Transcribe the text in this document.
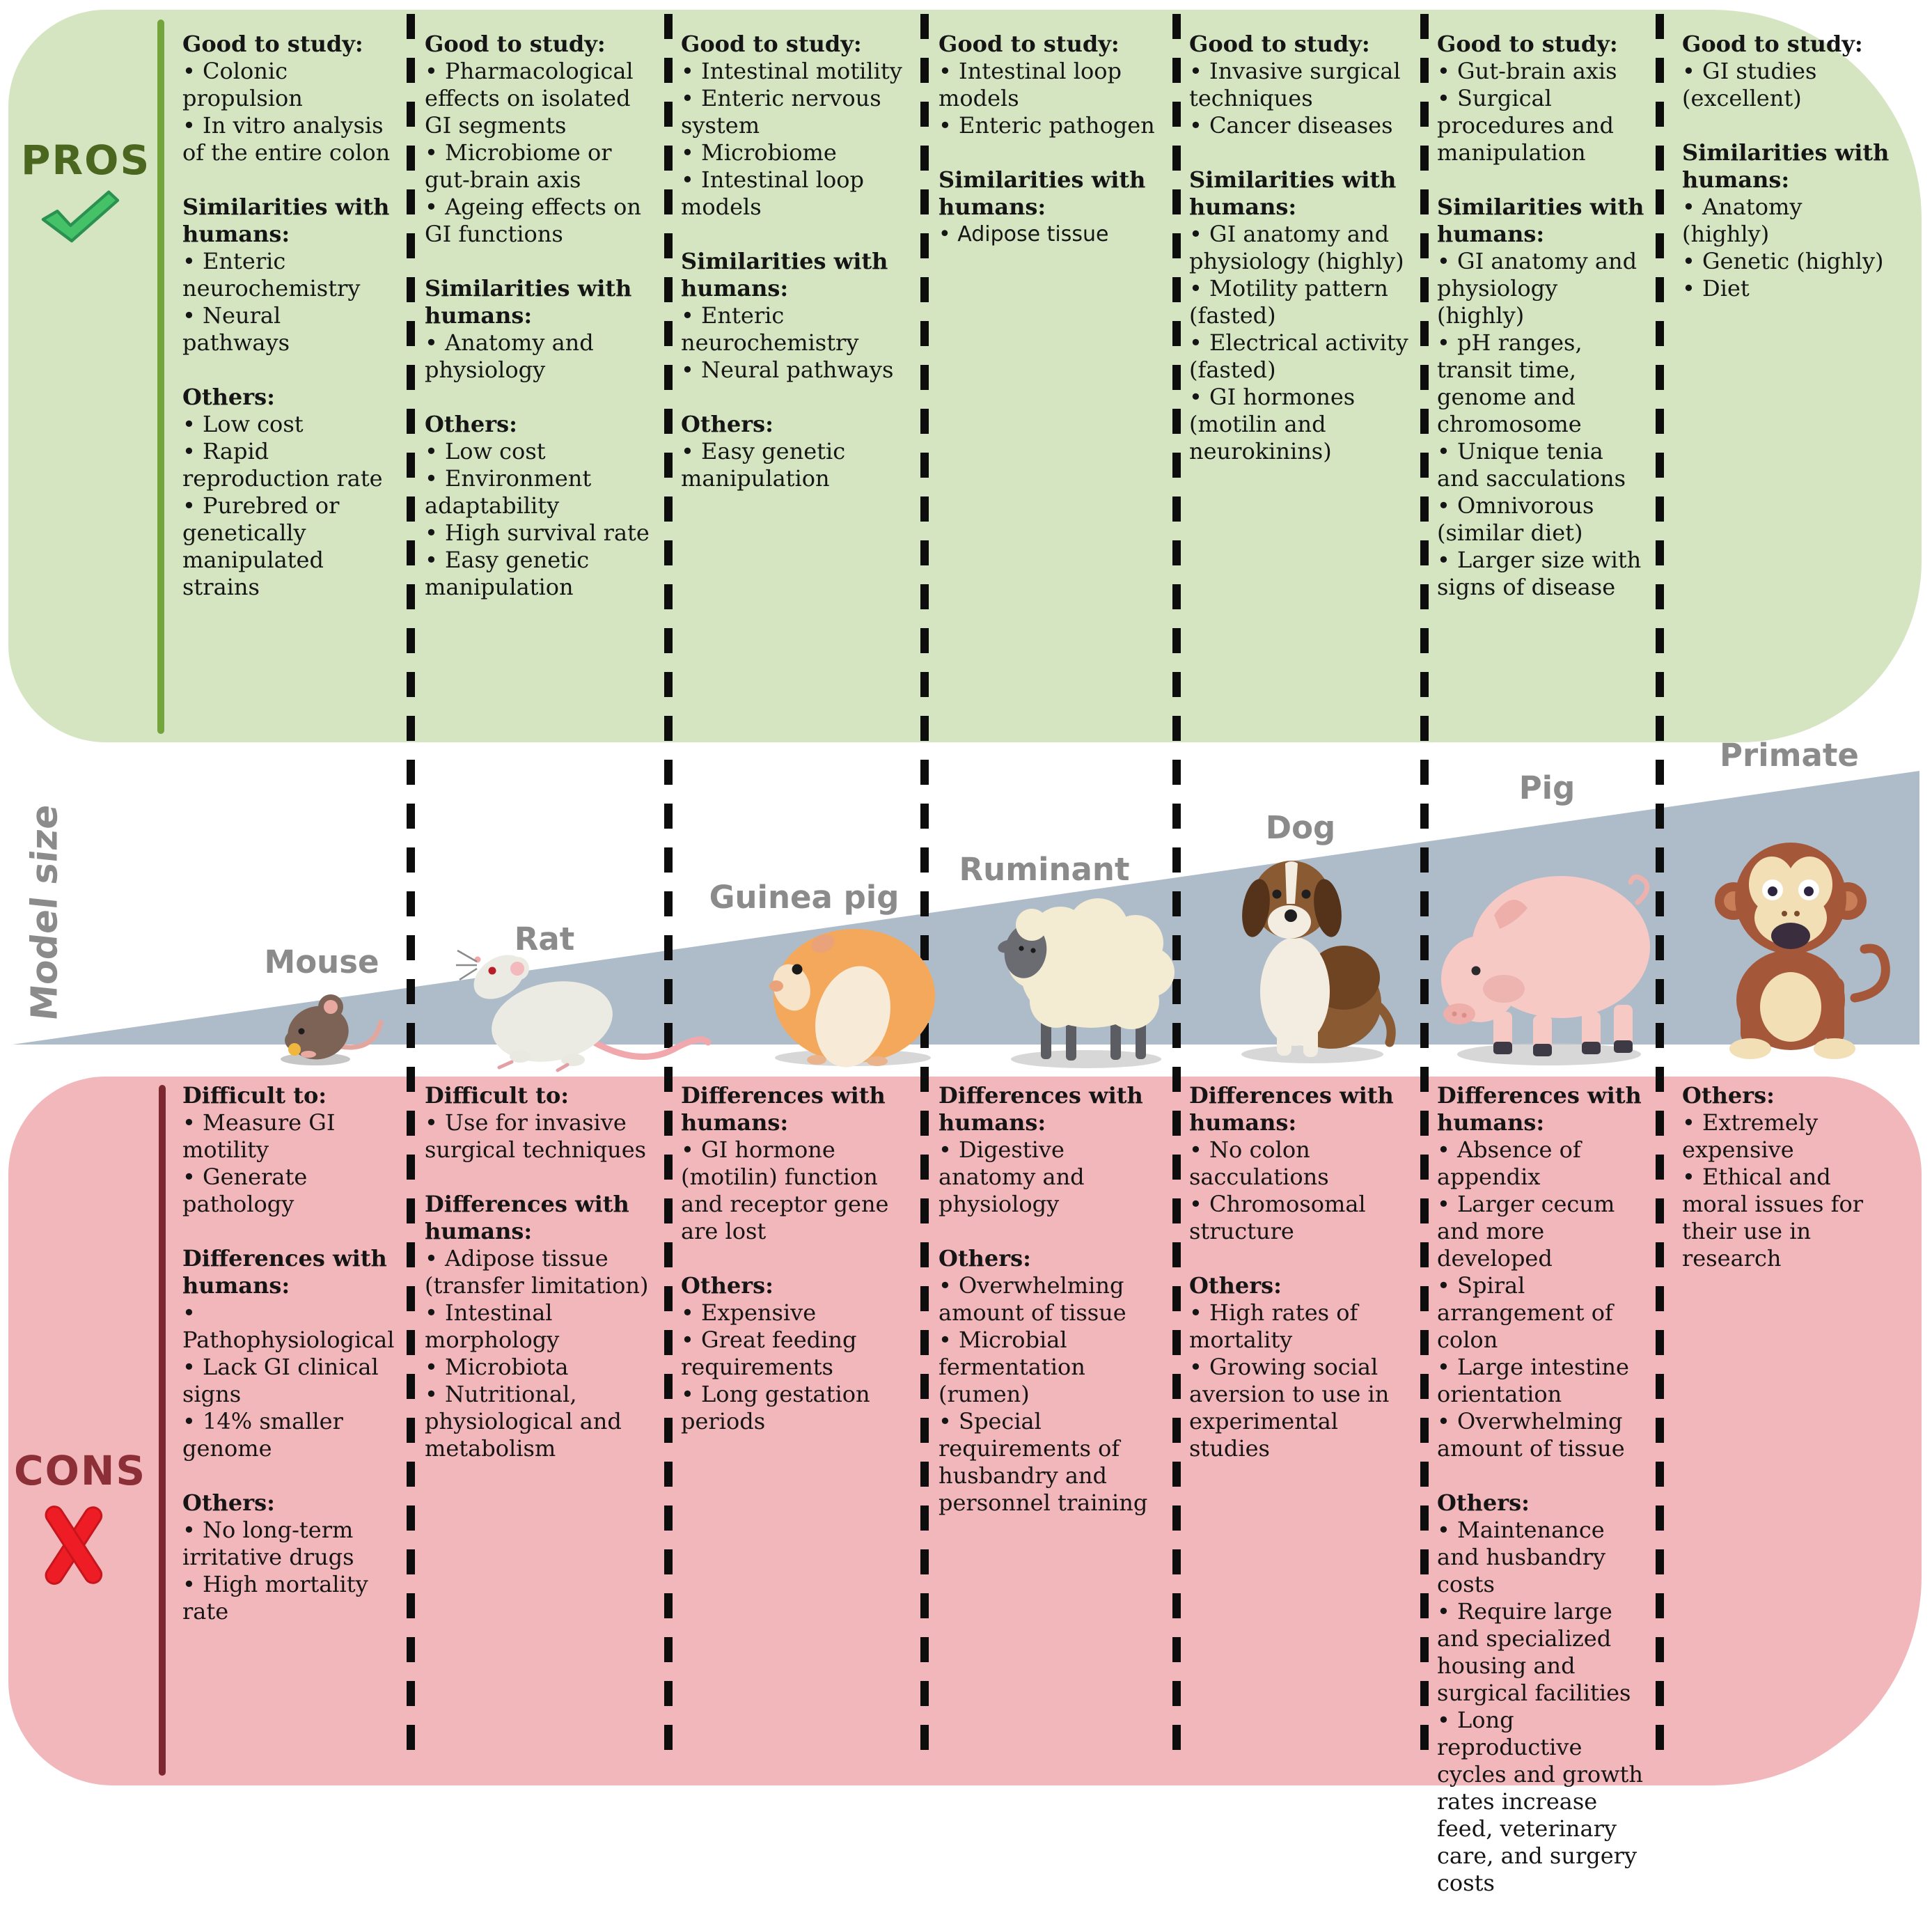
PROS
CONS
Model size	Mouse
Rat
Guinea pig
Ruminant
Dog
Pig
Primate
Good to study:
• Colonic propulsion
• In vitro analysis of the entire colon
Similarities with humans:
• Enteric neurochemistry
• Neural pathways
Others:
• Low cost
• Rapid reproduction rate
• Purebred or genetically manipulated strains
Good to study:
• Pharmacological effects on isolated GI segments
• Microbiome or gut-brain axis
• Ageing effects on GI functions
Similarities with humans:
• Anatomy and physiology
Others:
• Low cost
• Environment adaptability
• High survival rate
• Easy genetic manipulation
Good to study:
• Intestinal motility
• Enteric nervous system
• Microbiome
• Intestinal loop models
Similarities with humans:
• Enteric neurochemistry
• Neural pathways
Others:
• Easy genetic manipulation
Good to study:
• Intestinal loop models
• Enteric pathogen
Similarities with humans:
• Adipose tissue
Good to study:
• Invasive surgical techniques
• Cancer diseases
Similarities with humans:
• GI anatomy and physiology (highly)
• Motility pattern (fasted)
• Electrical activity (fasted)
• GI hormones (motilin and neurokinins)
Good to study:
• Gut-brain axis
• Surgical procedures and manipulation
Similarities with humans:
• GI anatomy and physiology (highly)
• pH ranges, transit time, genome and chromosome
• Unique tenia and sacculations
• Omnivorous (similar diet)
• Larger size with signs of disease
Good to study:
• GI studies (excellent)
Similarities with humans:
• Anatomy (highly)
• Genetic (highly)
• Diet
Difficult to:
• Measure GI motility
• Generate pathology
Differences with humans:
• Pathophysiological
• Lack GI clinical signs
• 14% smaller genome
Others:
• No long-term irritative drugs
• High mortality rate
Difficult to:
• Use for invasive surgical techniques
Differences with humans:
• Adipose tissue (transfer limitation)
• Intestinal morphology
• Microbiota
• Nutritional, physiological and metabolism
Differences with humans:
• GI hormone (motilin) function and receptor gene are lost
Others:
• Expensive
• Great feeding requirements
• Long gestation periods
Differences with humans:
• Digestive anatomy and physiology
Others:
• Overwhelming amount of tissue
• Microbial fermentation (rumen)
• Special requirements of husbandry and personnel training
Differences with humans:
• No colon sacculations
• Chromosomal structure
Others:
• High rates of mortality
• Growing social aversion to use in experimental studies
Differences with humans:
• Absence of appendix
• Larger cecum and more developed
• Spiral arrangement of colon
• Large intestine orientation
• Overwhelming amount of tissue
Others:
• Maintenance and husbandry costs
• Require large and specialized housing and surgical facilities
• Long reproductive cycles and growth rates increase feed, veterinary care, and surgery costs
Others:
• Extremely expensive
• Ethical and moral issues for their use in research
